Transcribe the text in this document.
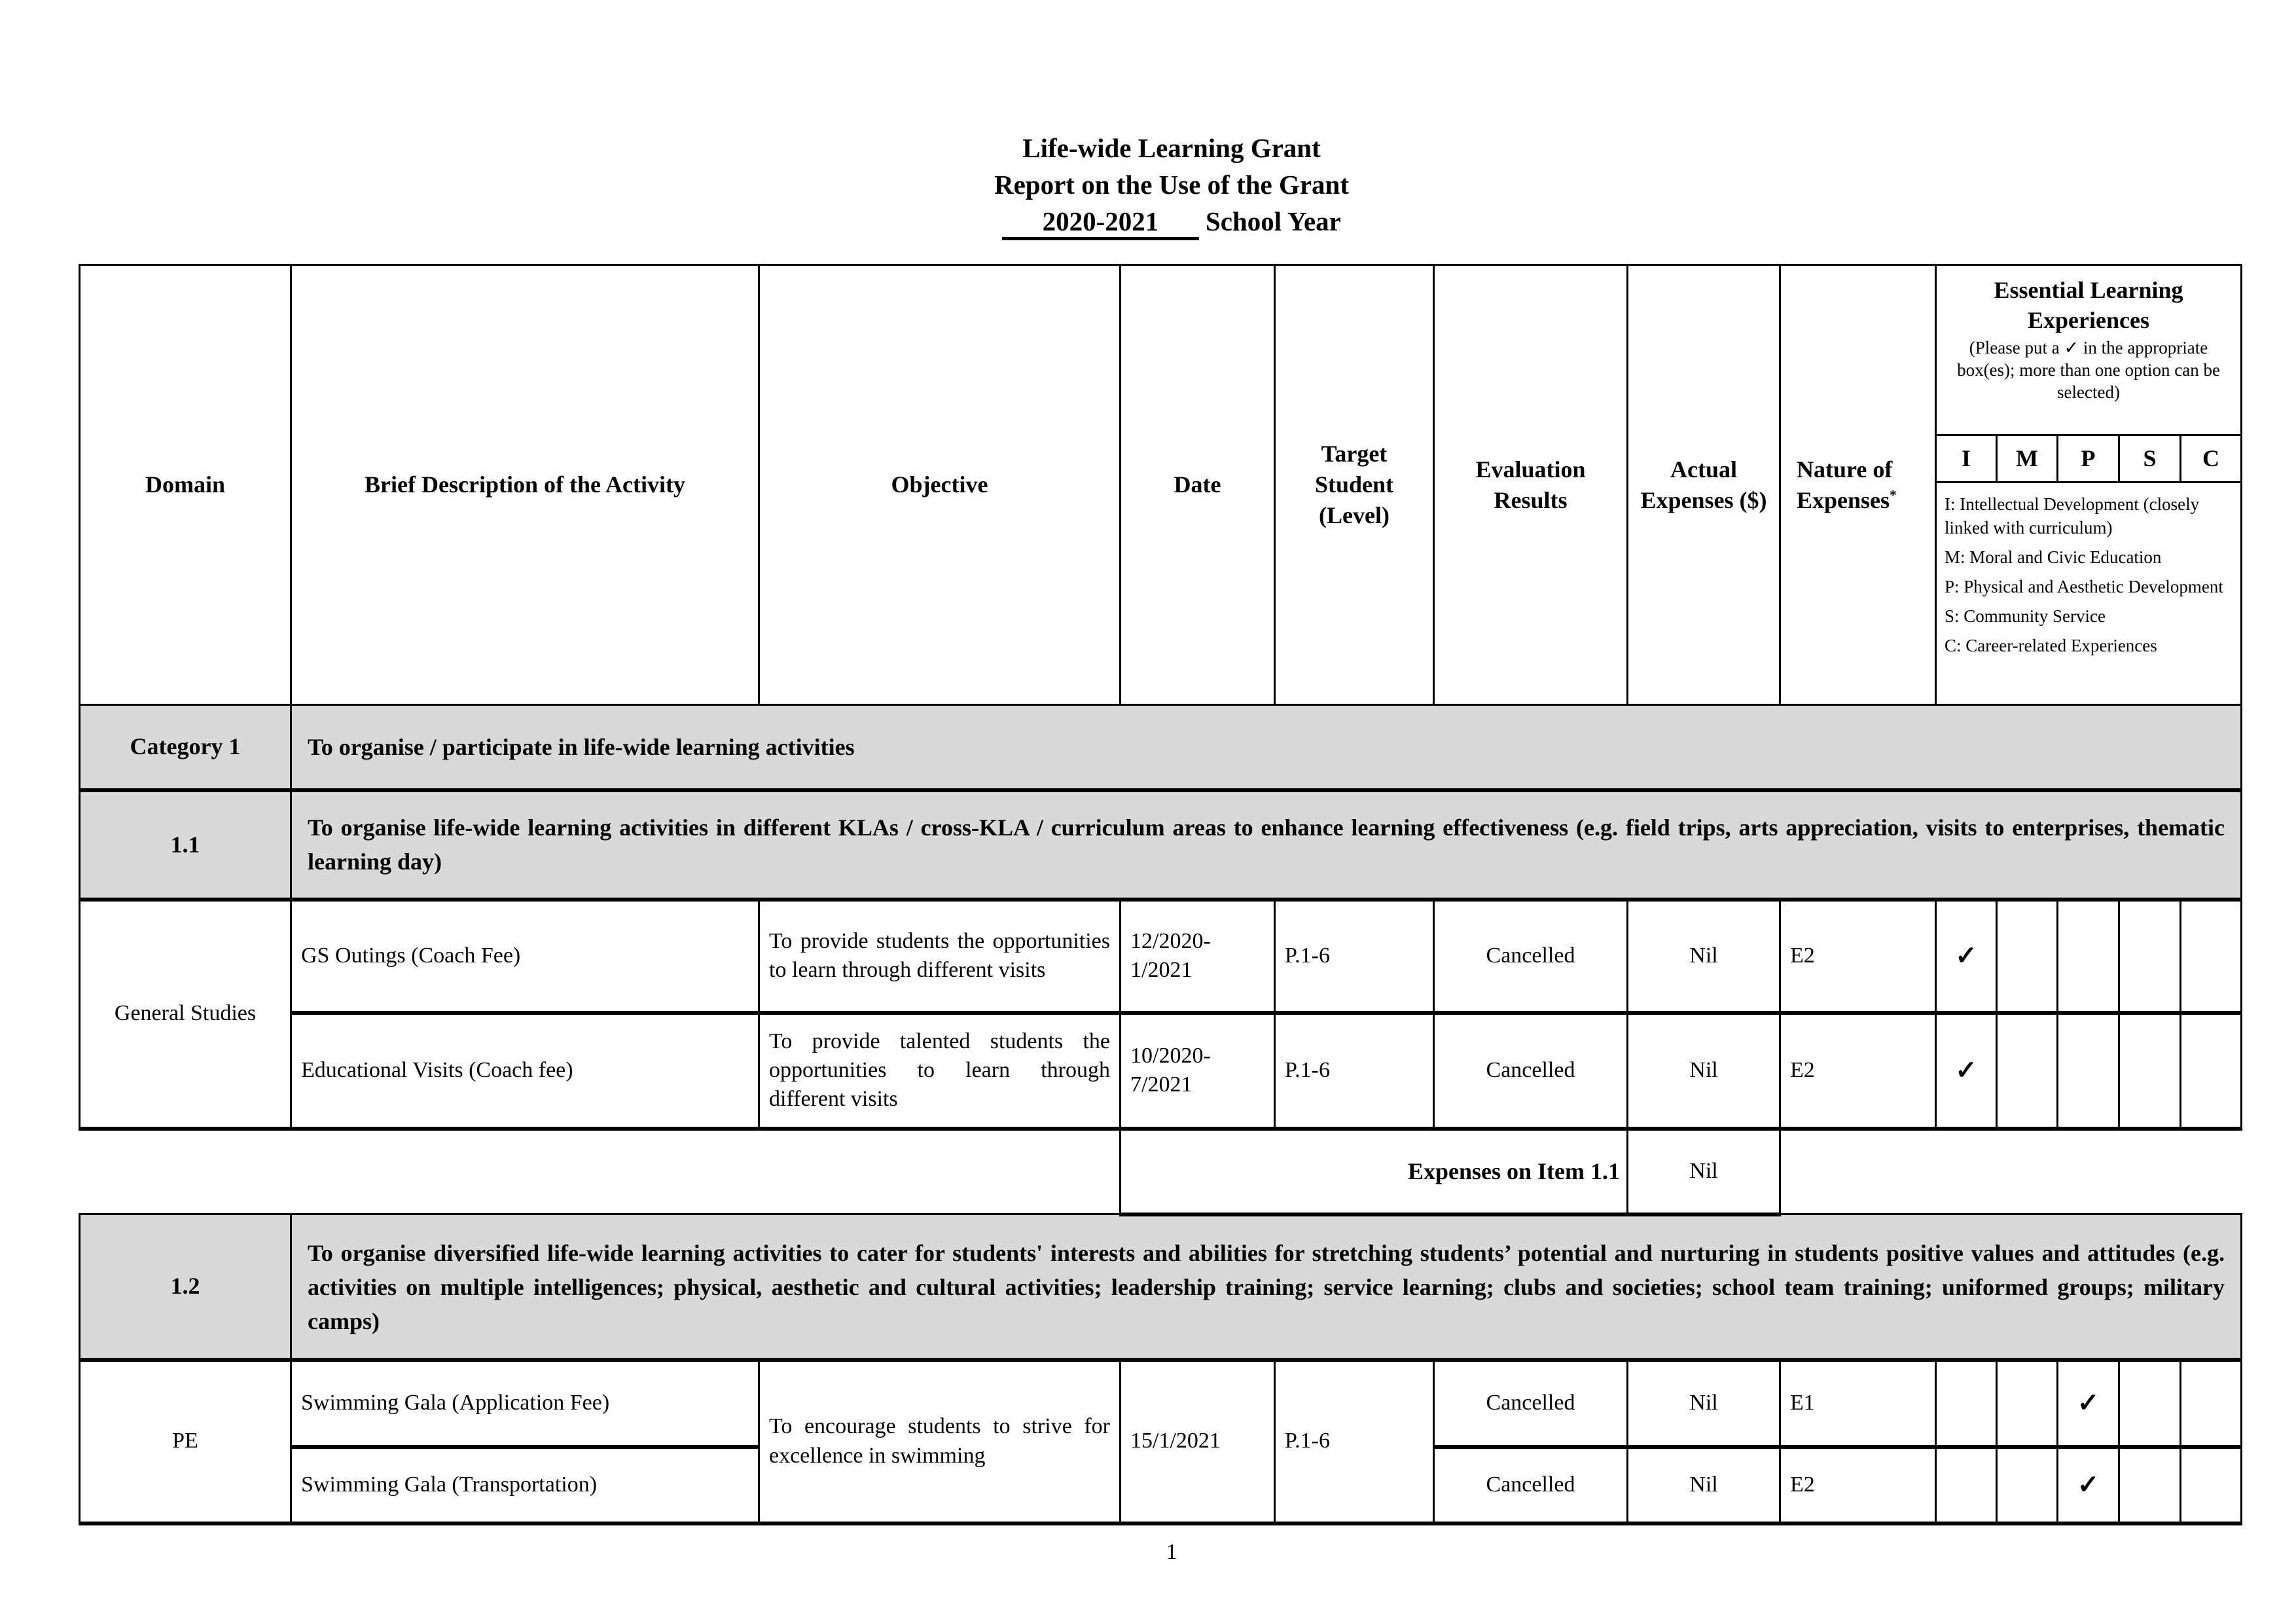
Life-wide Learning Grant
Report on the Use of the Grant
2020-2021       School Year
Domain	Brief Description of the Activity	Objective	Date	Target Student (Level)	Evaluation Results	Actual Expenses ($)	Nature of Expenses*	Essential Learning Experiences
(Please put a ✓ in the appropriate box(es); more than one option can be selected)				

								I	M	P	S	C

								I: Intellectual Development (closely linked with curriculum)
M: Moral and Civic Education
P: Physical and Aesthetic Development
S: Community Service
C: Career-related Experiences				

Category 1	To organise / participate in life-wide learning activities											
1.1	To organise life-wide learning activities in different KLAs / cross-KLA / curriculum areas to enhance learning effectiveness (e.g. field trips, arts appreciation, visits to enterprises, thematic learning day)											
General Studies	GS Outings (Coach Fee)	To provide students the opportunities to learn through different visits	12/2020-1/2021	P.1-6	Cancelled	Nil	E2	✓				
	Educational Visits (Coach fee)	To provide talented students the opportunities to learn through different visits	10/2020-7/2021	P.1-6	Cancelled	Nil	E2	✓				
			Expenses on Item 1.1			Nil						
1.2	To organise diversified life-wide learning activities to cater for students' interests and abilities for stretching students’ potential and nurturing in students positive values and attitudes (e.g. activities on multiple intelligences; physical, aesthetic and cultural activities; leadership training; service learning; clubs and societies; school team training; uniformed groups; military camps)											
PE	Swimming Gala (Application Fee)	To encourage students to strive for excellence in swimming	15/1/2021	P.1-6	Cancelled	Nil	E1			✓		
	Swimming Gala (Transportation)				Cancelled	Nil	E2			✓		
1
